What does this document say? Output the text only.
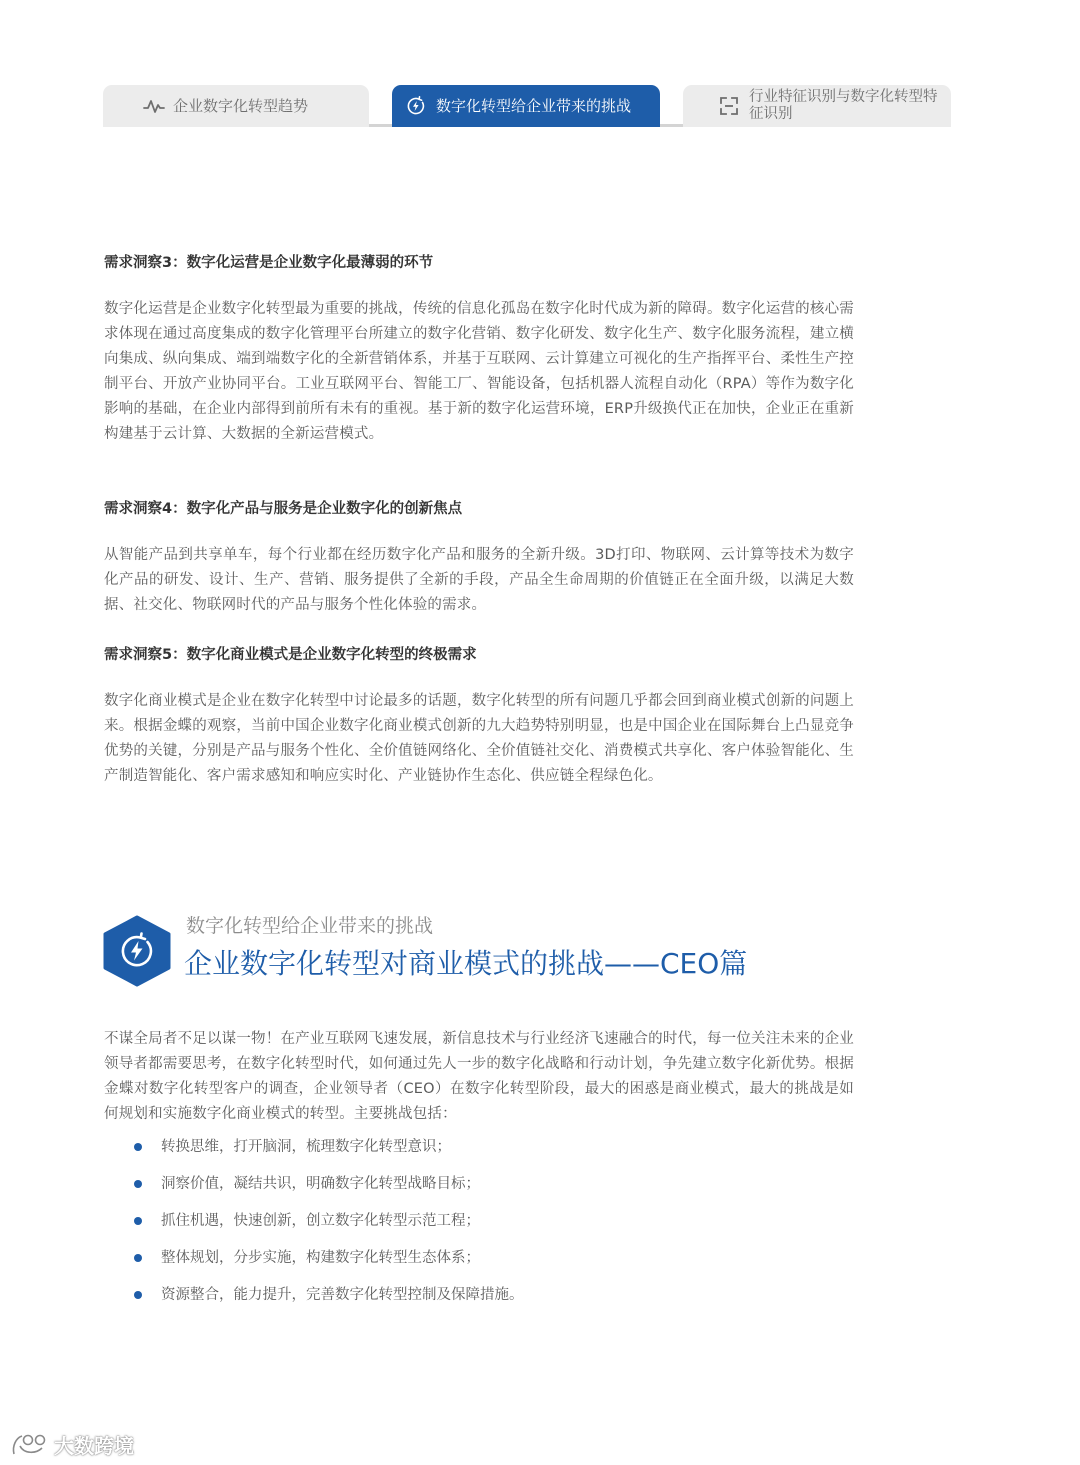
企业数字化转型趋势	数字化转型给企业带来的挑战	行业特征识别与数字化转型特征识别
需求洞察3：数字化运营是企业数字化最薄弱的环节

数字化运营是企业数字化转型最为重要的挑战，传统的信息化孤岛在数字化时代成为新的障碍。数字化运营的核心需求体现在通过高度集成的数字化管理平台所建立的数字化营销、数字化研发、数字化生产、数字化服务流程，建立横向集成、纵向集成、端到端数字化的全新营销体系，并基于互联网、云计算建立可视化的生产指挥平台、柔性生产控制平台、开放产业协同平台。工业互联网平台、智能工厂、智能设备，包括机器人流程自动化（RPA）等作为数字化影响的基础，在企业内部得到前所有未有的重视。基于新的数字化运营环境，ERP升级换代正在加快，企业正在重新构建基于云计算、大数据的全新运营模式。

需求洞察4：数字化产品与服务是企业数字化的创新焦点

从智能产品到共享单车，每个行业都在经历数字化产品和服务的全新升级。3D打印、物联网、云计算等技术为数字化产品的研发、设计、生产、营销、服务提供了全新的手段，产品全生命周期的价值链正在全面升级，以满足大数据、社交化、物联网时代的产品与服务个性化体验的需求。

需求洞察5：数字化商业模式是企业数字化转型的终极需求

数字化商业模式是企业在数字化转型中讨论最多的话题，数字化转型的所有问题几乎都会回到商业模式创新的问题上来。根据金蝶的观察，当前中国企业数字化商业模式创新的九大趋势特别明显，也是中国企业在国际舞台上凸显竞争优势的关键，分别是产品与服务个性化、全价值链网络化、全价值链社交化、消费模式共享化、客户体验智能化、生产制造智能化、客户需求感知和响应实时化、产业链协作生态化、供应链全程绿色化。

数字化转型给企业带来的挑战
企业数字化转型对商业模式的挑战——CEO篇

不谋全局者不足以谋一物！在产业互联网飞速发展，新信息技术与行业经济飞速融合的时代，每一位关注未来的企业领导者都需要思考，在数字化转型时代，如何通过先人一步的数字化战略和行动计划，争先建立数字化新优势。根据金蝶对数字化转型客户的调查，企业领导者（CEO）在数字化转型阶段，最大的困惑是商业模式，最大的挑战是如何规划和实施数字化商业模式的转型。主要挑战包括：

转换思维，打开脑洞，梳理数字化转型意识；
洞察价值，凝结共识，明确数字化转型战略目标；
抓住机遇，快速创新，创立数字化转型示范工程；
整体规划，分步实施，构建数字化转型生态体系；
资源整合，能力提升，完善数字化转型控制及保障措施。
大数跨境
